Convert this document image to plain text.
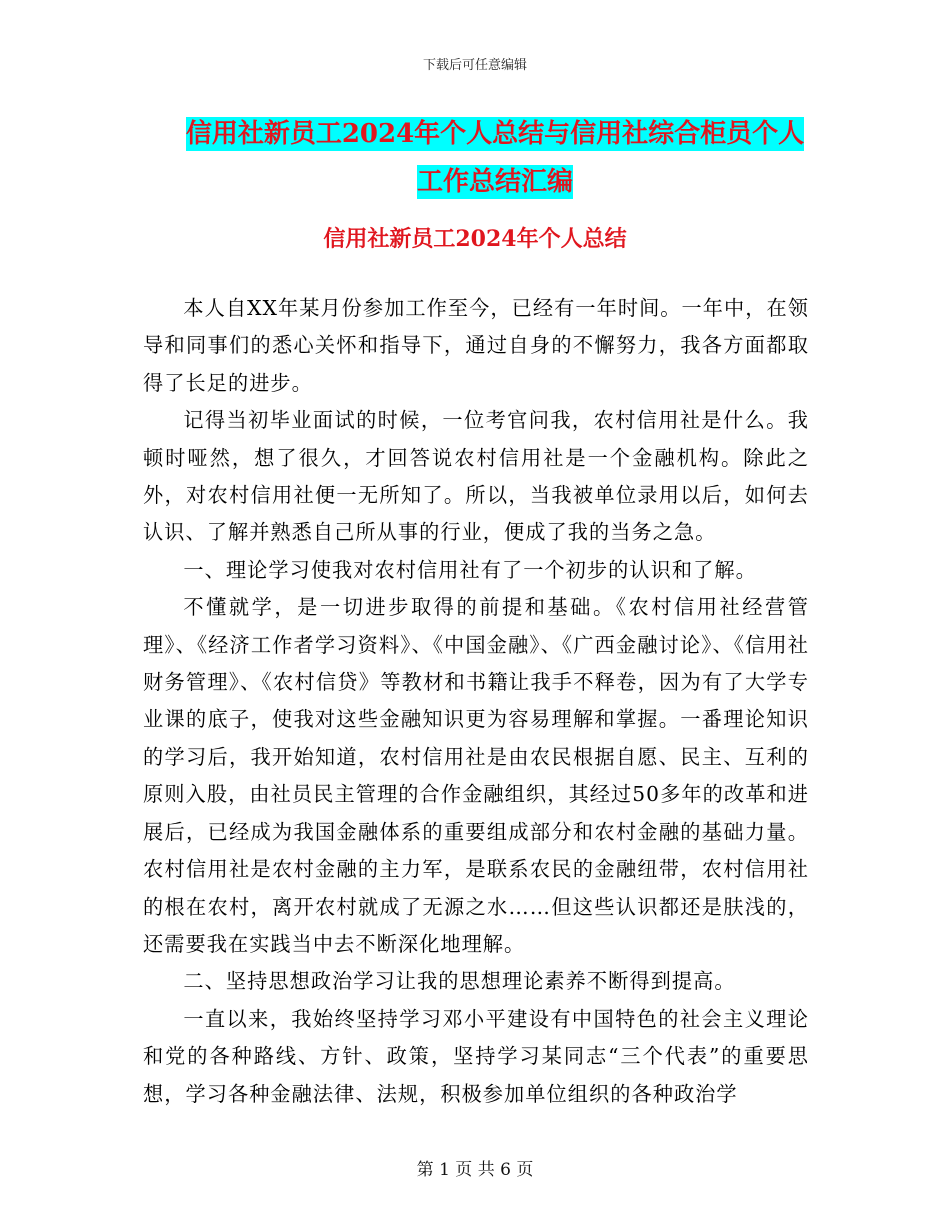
下载后可任意编辑
信用社新员工2024年个人总结与信用社综合柜员个人
工作总结汇编
信用社新员工2024年个人总结

本人自XX年某月份参加工作至今，已经有一年时间。一年中，在领导和同事们的悉心关怀和指导下，通过自身的不懈努力，我各方面都取得了长足的进步。

记得当初毕业面试的时候，一位考官问我，农村信用社是什么。我顿时哑然，想了很久，才回答说农村信用社是一个金融机构。除此之外，对农村信用社便一无所知了。所以，当我被单位录用以后，如何去认识、了解并熟悉自己所从事的行业，便成了我的当务之急。

一、理论学习使我对农村信用社有了一个初步的认识和了解。

不懂就学，是一切进步取得的前提和基础。《农村信用社经营管理》、《经济工作者学习资料》、《中国金融》、《广西金融讨论》、《信用社财务管理》、《农村信贷》等教材和书籍让我手不释卷，因为有了大学专业课的底子，使我对这些金融知识更为容易理解和掌握。一番理论知识的学习后，我开始知道，农村信用社是由农民根据自愿、民主、互利的原则入股，由社员民主管理的合作金融组织，其经过50多年的改革和进展后，已经成为我国金融体系的重要组成部分和农村金融的基础力量。农村信用社是农村金融的主力军，是联系农民的金融纽带，农村信用社的根在农村，离开农村就成了无源之水……但这些认识都还是肤浅的，还需要我在实践当中去不断深化地理解。

二、坚持思想政治学习让我的思想理论素养不断得到提高。

一直以来，我始终坚持学习邓小平建设有中国特色的社会主义理论和党的各种路线、方针、政策，坚持学习某同志“三个代表”的重要思想，学习各种金融法律、法规，积极参加单位组织的各种政治学

第 1 页 共 6 页
